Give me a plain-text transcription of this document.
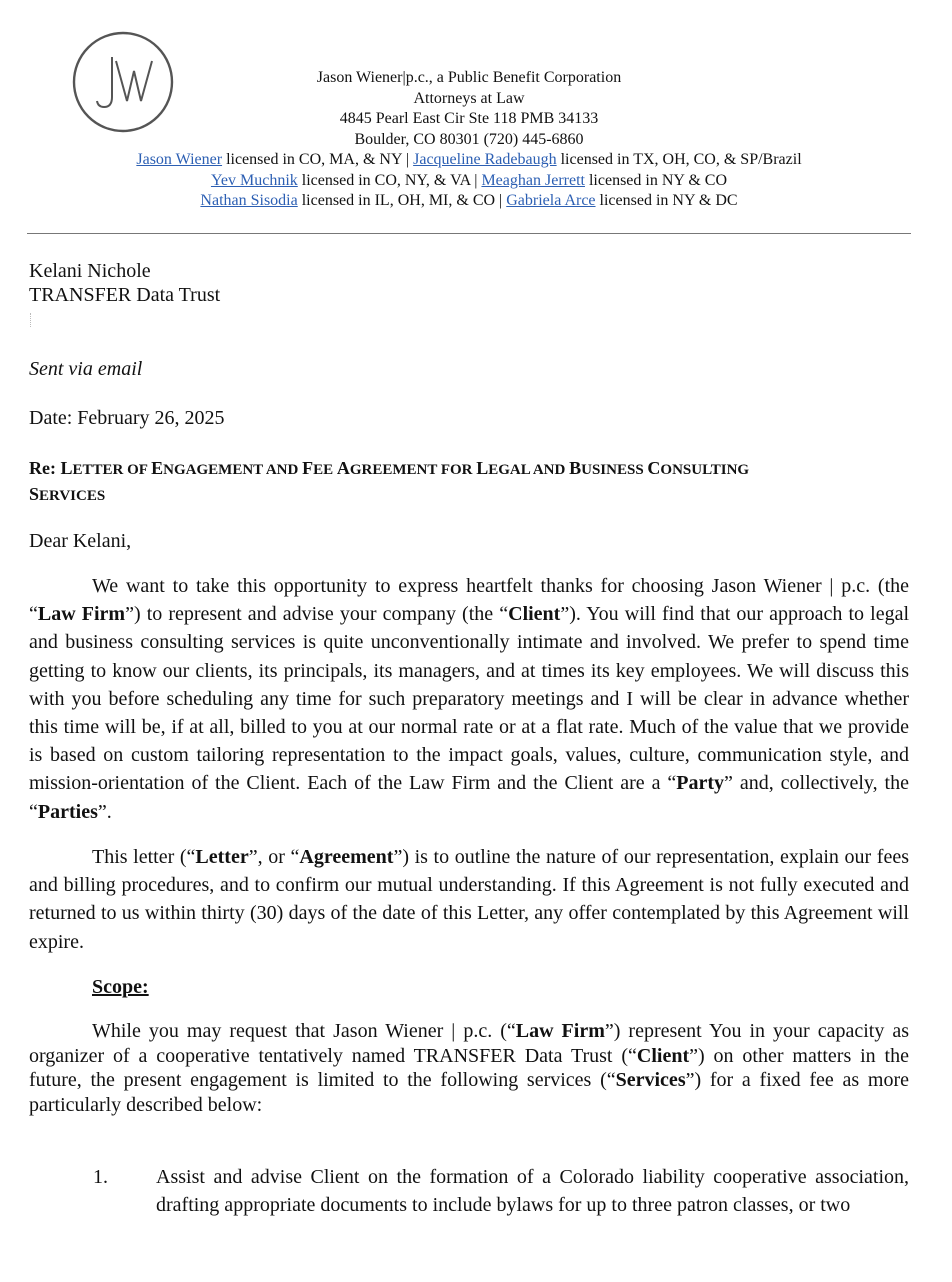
Jason Wiener|p.c., a Public Benefit Corporation
Attorneys at Law
4845 Pearl East Cir Ste 118 PMB 34133
Boulder, CO 80301 (720) 445-6860
Jason Wiener licensed in CO, MA, & NY | Jacqueline Radebaugh licensed in TX, OH, CO, & SP/Brazil
Yev Muchnik licensed in CO, NY, & VA | Meaghan Jerrett licensed in NY & CO
Nathan Sisodia licensed in IL, OH, MI, & CO | Gabriela Arce licensed in NY & DC
Kelani Nichole
TRANSFER Data Trust
Sent via email
Date: February 26, 2025
Re: LETTER OF ENGAGEMENT AND FEE AGREEMENT FOR LEGAL AND BUSINESS CONSULTING
SERVICES
Dear Kelani,
We want to take this opportunity to express heartfelt thanks for choosing Jason Wiener | p.c. (the “Law Firm”) to represent and advise your company (the “Client”). You will find that our approach to legal and business consulting services is quite unconventionally intimate and involved. We prefer to spend time getting to know our clients, its principals, its managers, and at times its key employees. We will discuss this with you before scheduling any time for such preparatory meetings and I will be clear in advance whether this time will be, if at all, billed to you at our normal rate or at a flat rate. Much of the value that we provide is based on custom tailoring representation to the impact goals, values, culture, communication style, and mission-orientation of the Client. Each of the Law Firm and the Client are a “Party” and, collectively, the “Parties”.
This letter (“Letter”, or “Agreement”) is to outline the nature of our representation, explain our fees and billing procedures, and to confirm our mutual understanding. If this Agreement is not fully executed and returned to us within thirty (30) days of the date of this Letter, any offer contemplated by this Agreement will expire.
Scope:
While you may request that Jason Wiener | p.c. (“Law Firm”) represent You in your capacity as organizer of a cooperative tentatively named TRANSFER Data Trust (“Client”) on other matters in the future, the present engagement is limited to the following services (“Services”) for a fixed fee as more particularly described below:
1. Assist and advise Client on the formation of a Colorado liability cooperative association, drafting appropriate documents to include bylaws for up to three patron classes, or two
